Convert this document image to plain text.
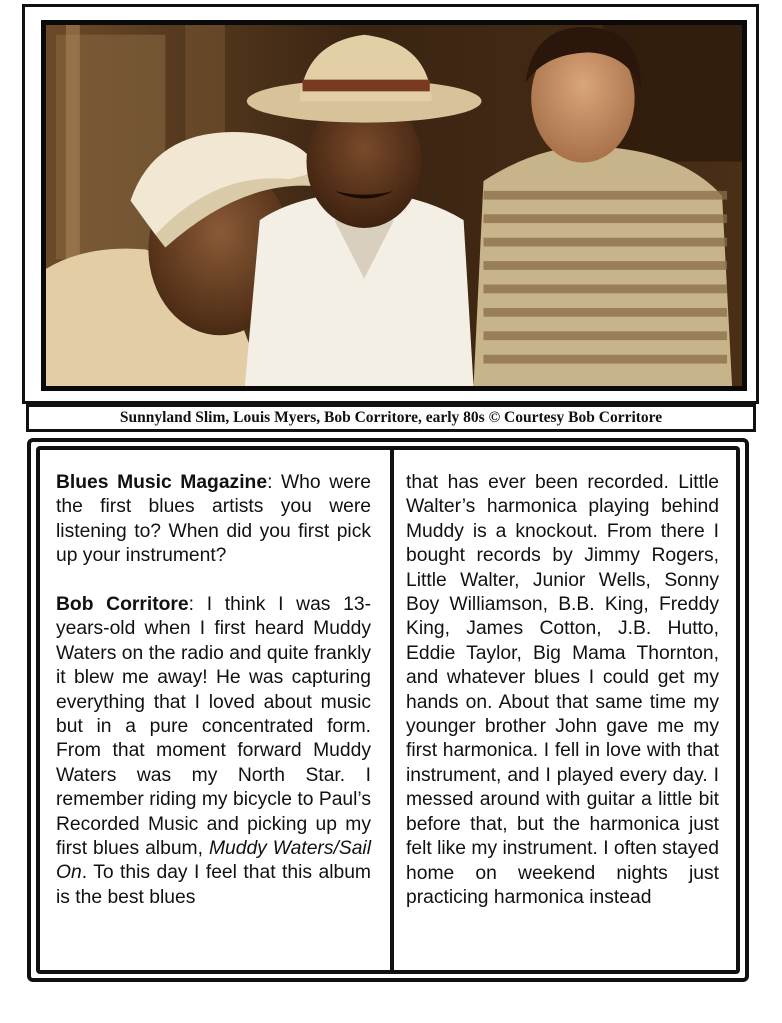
Sunnyland Slim, Louis Myers, Bob Corritore, early 80s © Courtesy Bob Corritore

Blues Music Magazine: Who were the first blues artists you were listening to? When did you first pick up your instrument?

Bob Corritore: I think I was 13-years-old when I first heard Muddy Waters on the radio and quite frankly it blew me away! He was capturing everything that I loved about music but in a pure concentrated form. From that moment forward Muddy Waters was my North Star. I remember riding my bicycle to Paul’s Recorded Music and picking up my first blues album, Muddy Waters/Sail On. To this day I feel that this album is the best blues

that has ever been recorded. Little Walter’s harmonica playing behind Muddy is a knockout. From there I bought records by Jimmy Rogers, Little Walter, Junior Wells, Sonny Boy Williamson, B.B. King, Freddy King, James Cotton, J.B. Hutto, Eddie Taylor, Big Mama Thornton, and whatever blues I could get my hands on. About that same time my younger brother John gave me my first harmonica. I fell in love with that instrument, and I played every day. I messed around with guitar a little bit before that, but the harmonica just felt like my instrument. I often stayed home on weekend nights just practicing harmonica instead
